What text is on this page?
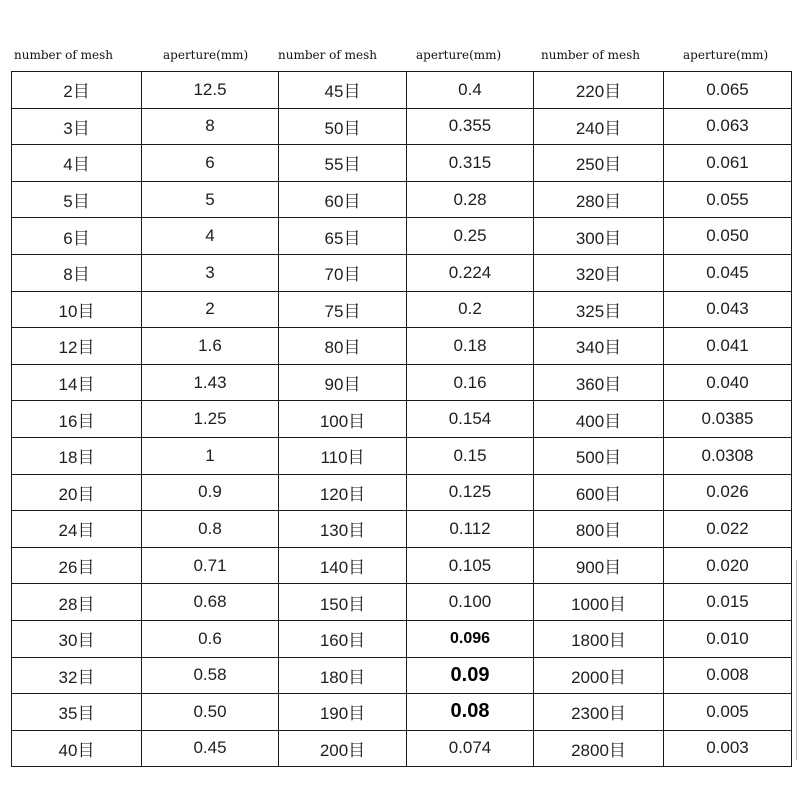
number of mesh	aperture(mm) number of mesh	aperture(mm)	number of mesh	aperture(mm)
2目	12.5	45目	0.4	220目	0.065
3目	8	50目	0.355	240目	0.063
4目	6	55目	0.315	250目	0.061
5目	5	60目	0.28	280目	0.055
6目	4	65目	0.25	300目	0.050
8目	3	70目	0.224	320目	0.045
10目	2	75目	0.2	325目	0.043
12目	1.6	80目	0.18	340目	0.041
14目	1.43	90目	0.16	360目	0.040
16目	1.25	100目	0.154	400目	0.0385
18目	1	110目	0.15	500目	0.0308
20目	0.9	120目	0.125	600目	0.026
24目	0.8	130目	0.112	800目	0.022
26目	0.71	140目	0.105	900目	0.020
28目	0.68	150目	0.100	1000目	0.015
30目	0.6	160目	0.096	1800目	0.010
32目	0.58	180目	0.09	2000目	0.008
35目	0.50	190目	0.08	2300目	0.005
40目	0.45	200目	0.074	2800目	0.003
